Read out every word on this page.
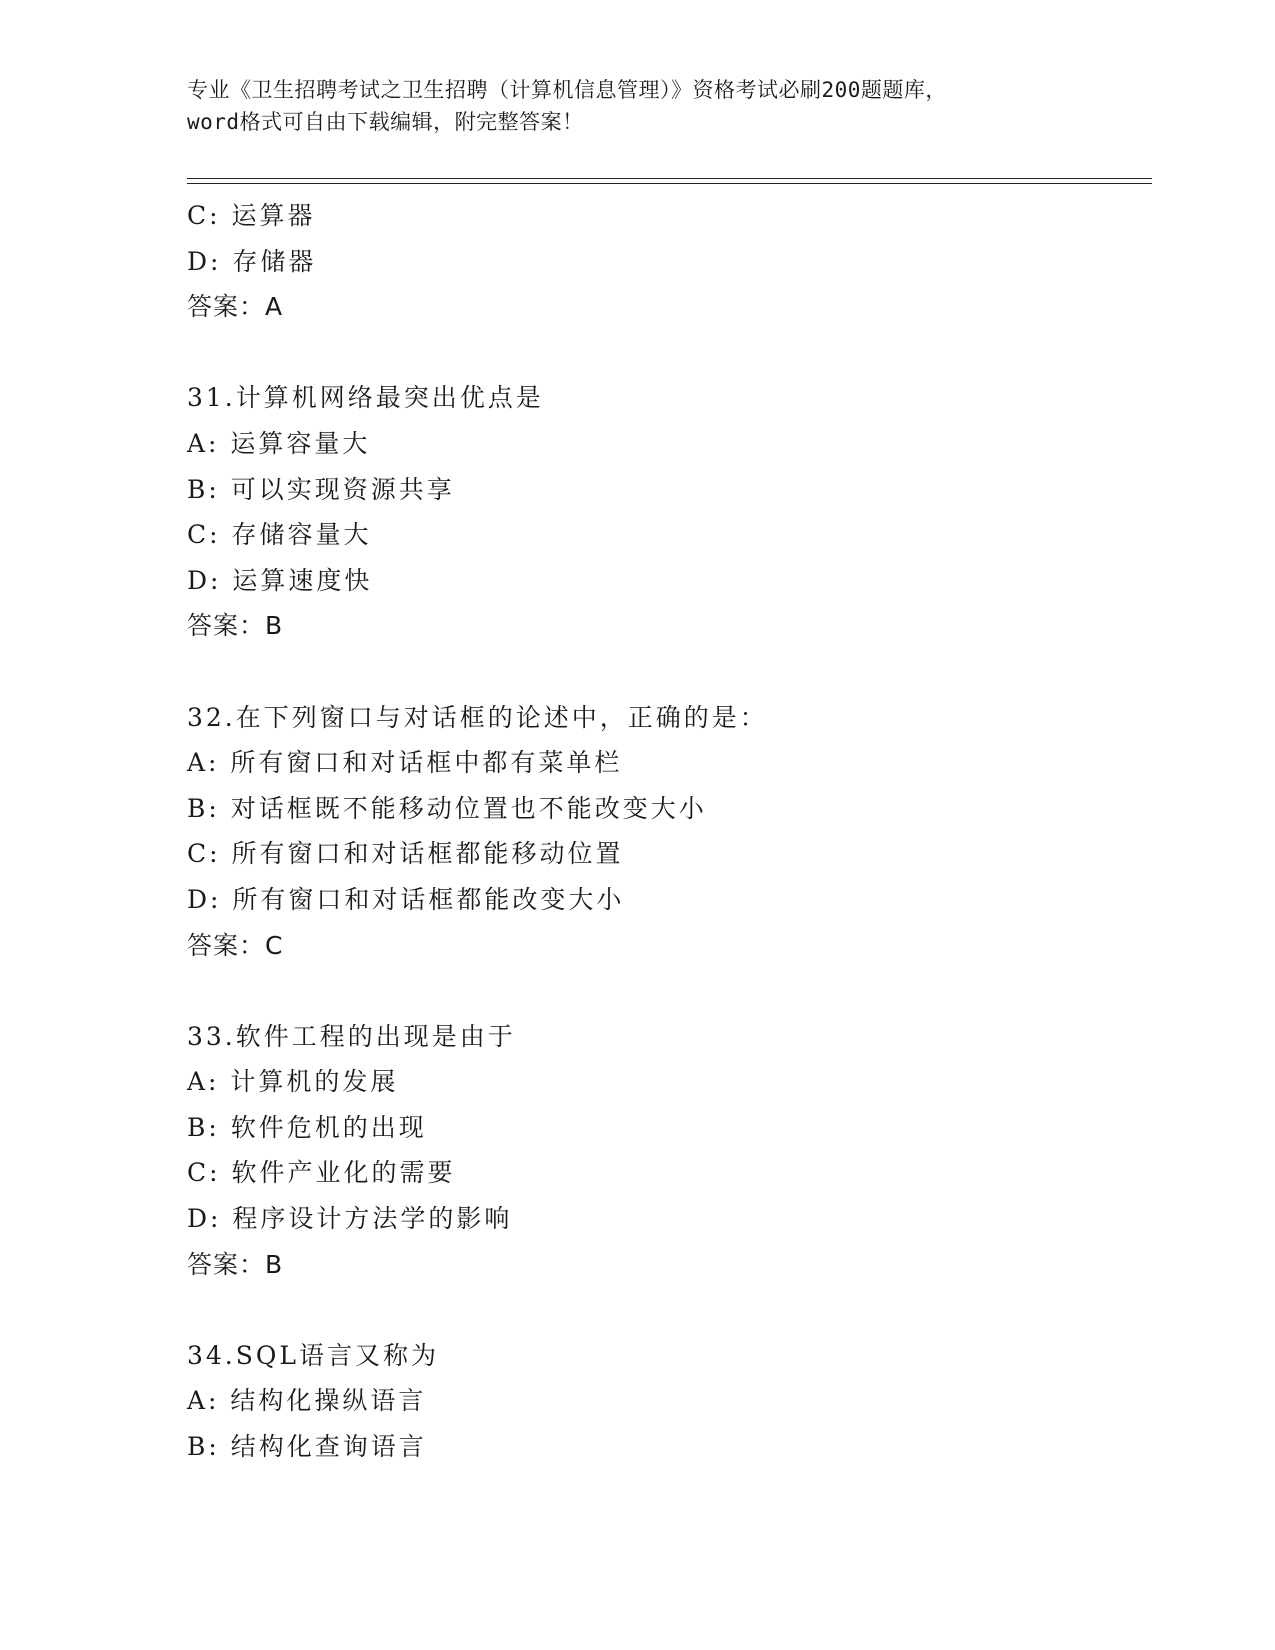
专业《卫生招聘考试之卫生招聘（计算机信息管理）》资格考试必刷200题题库，
word格式可自由下载编辑，附完整答案！
C: 运算器
D: 存储器
答案：A
31.计算机网络最突出优点是
A: 运算容量大
B: 可以实现资源共享
C: 存储容量大
D: 运算速度快
答案：B
32.在下列窗口与对话框的论述中，正确的是：
A: 所有窗口和对话框中都有菜单栏
B: 对话框既不能移动位置也不能改变大小
C: 所有窗口和对话框都能移动位置
D: 所有窗口和对话框都能改变大小
答案：C
33.软件工程的出现是由于
A: 计算机的发展
B: 软件危机的出现
C: 软件产业化的需要
D: 程序设计方法学的影响
答案：B
34.SQL语言又称为
A: 结构化操纵语言
B: 结构化查询语言
